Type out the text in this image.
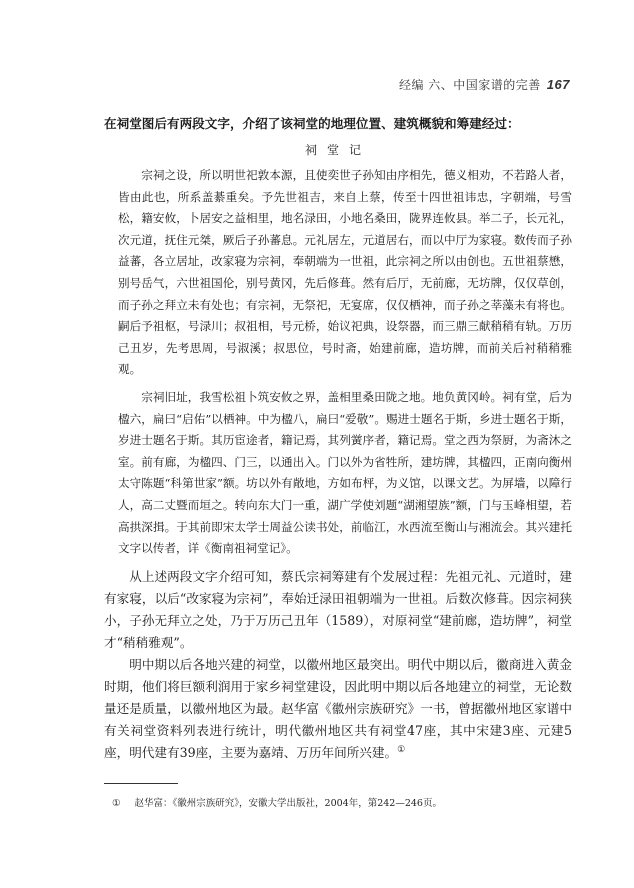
经编 六、中国家谱的完善 167

在祠堂图后有两段文字，介绍了该祠堂的地理位置、建筑概貌和筹建经过：

祠堂记

宗祠之设，所以明世祀敦本源，且使奕世子孙知由序相先，德义相劝，不若路人者，皆由此也，所系盖綦重矣。予先世祖吉，来自上蔡，传至十四世祖讳忠，字朝端，号雪松，籍安攸，卜居安之益相里，地名渌田，小地名桑田，陇界连攸县。举二子，长元礼，次元道，抚住元桀，厥后子孙蕃息。元礼居左，元道居右，而以中厅为家寝。数传而子孙益蕃，各立居址，改家寝为宗祠，奉朝端为一世祖，此宗祠之所以由创也。五世祖蔡懋，别号岳气，六世祖国伦，别号黄冈，先后修葺。然有后厅，无前廊，无坊牌，仅仅草创，而子孙之拜立未有处也；有宗祠，无祭祀，无宴席，仅仅栖神，而子孙之莘藻未有将也。嗣后予祖枢，号渌川；叔祖相，号元桥，始议祀典，设祭器，而三鼎三献稍稍有轨。万历己丑岁，先考思周，号淑溪；叔思位，号时斋，始建前廊，造坊牌，而前关后衬稍稍雅观。

宗祠旧址，我雪松祖卜筑安攸之界，盖相里桑田陇之地。地负黄冈岭。祠有堂，后为楹六，扁曰“启佑”以栖神。中为楹八，扁曰“爱敬”。赐进士题名于斯，乡进士题名于斯，岁进士题名于斯。其历宦途者，籍记焉，其列黉序者，籍记焉。堂之西为祭厨，为斋沐之室。前有廊，为楹四、门三，以通出入。门以外为省牲所，建坊牌，其楹四，正南向衡州太守陈题“科第世家”额。坊以外有敞地，方如布枰，为义馆，以课文艺。为屏墙，以障行人，高二丈暨而垣之。转向东大门一重，湖广学使刘题“湖湘望族”额，门与玉峰相望，若高拱深揖。于其前即宋太学士周益公读书处，前临江，水西流至衡山与湘流会。其兴建托文字以传者，详《衡南祖祠堂记》。

从上述两段文字介绍可知，蔡氏宗祠筹建有个发展过程：先祖元礼、元道时，建有家寝，以后“改家寝为宗祠”，奉始迁渌田祖朝端为一世祖。后数次修葺。因宗祠狭小，子孙无拜立之处，乃于万历己丑年（1589），对原祠堂“建前廊，造坊牌”，祠堂才“稍稍雅观”。

明中期以后各地兴建的祠堂，以徽州地区最突出。明代中期以后，徽商进入黄金时期，他们将巨额利润用于家乡祠堂建设，因此明中期以后各地建立的祠堂，无论数量还是质量，以徽州地区为最。赵华富《徽州宗族研究》一书，曾据徽州地区家谱中有关祠堂资料列表进行统计，明代徽州地区共有祠堂47座，其中宋建3座、元建5座，明代建有39座，主要为嘉靖、万历年间所兴建。①

① 赵华富：《徽州宗族研究》，安徽大学出版社，2004年，第242—246页。
